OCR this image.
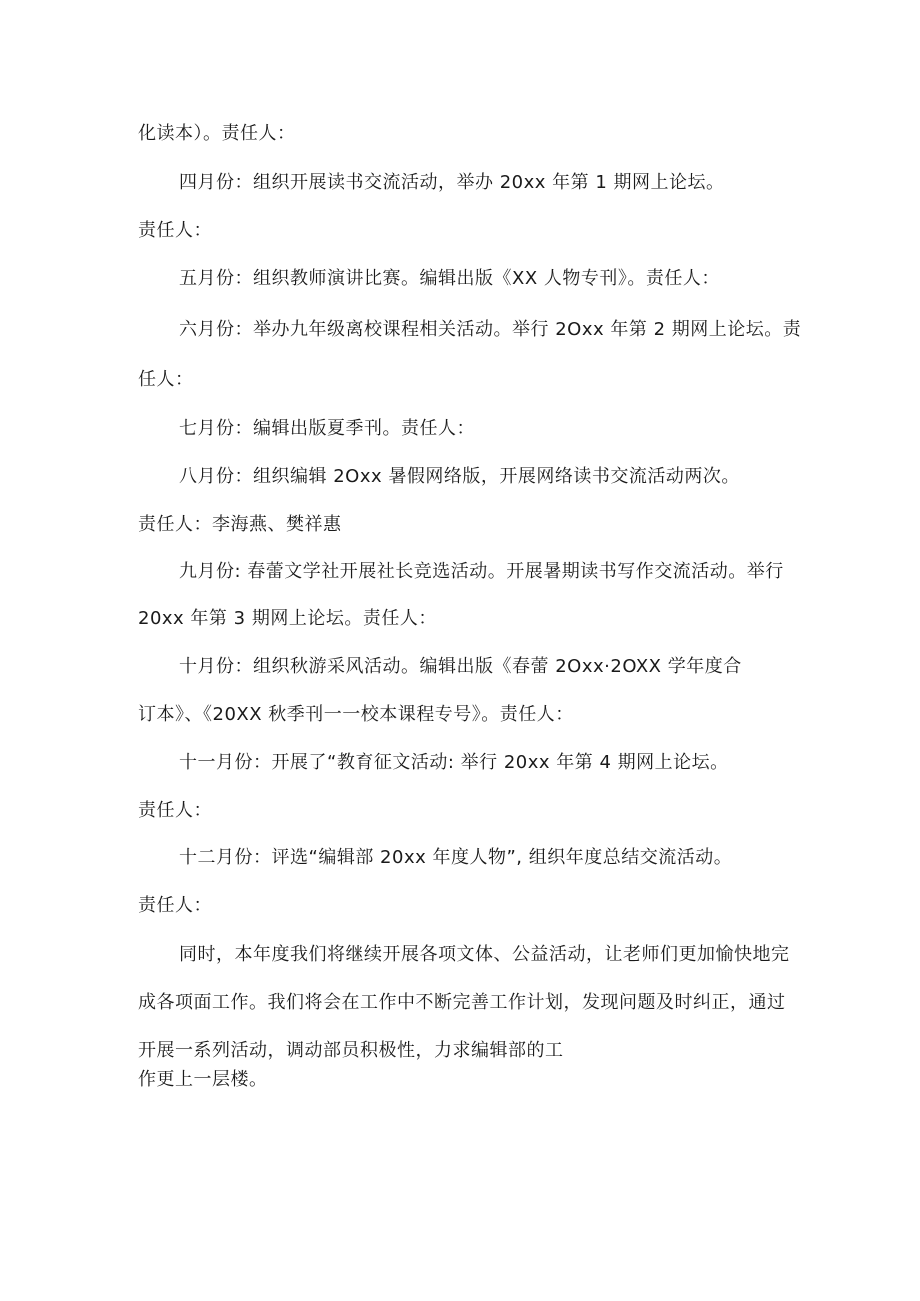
化读本）。责任人：
四月份：组织开展读书交流活动，举办 20xx 年第 1 期网上论坛。
责任人：
五月份：组织教师演讲比赛。编辑出版《XX 人物专刊》。责任人：
六月份：举办九年级离校课程相关活动。举行 2Oxx 年第 2 期网上论坛。责
任人：
七月份：编辑出版夏季刊。责任人：
八月份：组织编辑 2Oxx 暑假网络版，开展网络读书交流活动两次。
责任人：李海燕、樊祥惠
九月份: 春蕾文学社开展社长竞选活动。开展暑期读书写作交流活动。举行
20xx 年第 3 期网上论坛。责任人：
十月份：组织秋游采风活动。编辑出版《春蕾 2Oxx·2OXX 学年度合
订本》、《20XX 秋季刊一一校本课程专号》。责任人：
十一月份：开展了“教育征文活动: 举行 20xx 年第 4 期网上论坛。
责任人：
十二月份：评选“编辑部 20xx 年度人物”, 组织年度总结交流活动。
责任人：
同时，本年度我们将继续开展各项文体、公益活动，让老师们更加愉快地完
成各项面工作。我们将会在工作中不断完善工作计划，发现问题及时纠正，通过
开展一系列活动，调动部员积极性，力求编辑部的工
作更上一层楼。
